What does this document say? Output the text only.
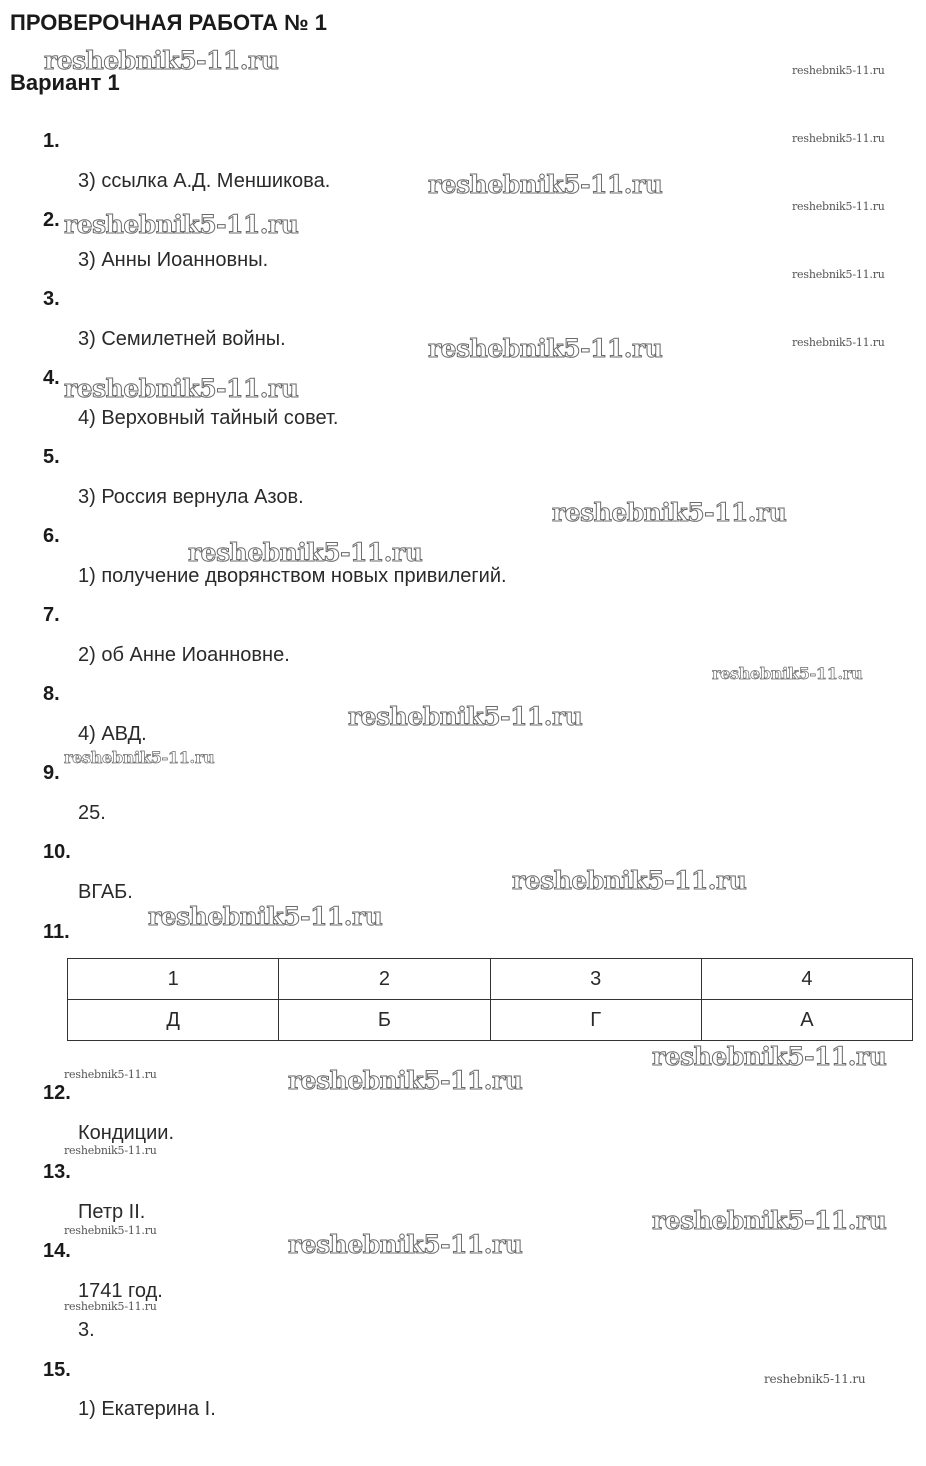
ПРОВЕРОЧНАЯ РАБОТА № 1
Вариант 1
1.
2.
3.
4.
5.
6.
7.
8.
9.
10.
11.
12.
13.
14.
15.
3) ссылка А.Д. Меншикова.
3) Анны Иоанновны.
3) Семилетней войны.
4) Верховный тайный совет.
3) Россия вернула Азов.
1) получение дворянством новых привилегий.
2) об Анне Иоанновне.
4) АВД.
25.
ВГАБ.
Кондиции.
Петр II.
1741 год.
3.
1) Екатерина I.
1	2	3	4
Д	Б	Г	А
reshebnik5-11.ru
reshebnik5-11.ru
reshebnik5-11.ru
reshebnik5-11.ru
reshebnik5-11.ru
reshebnik5-11.ru
reshebnik5-11.ru
reshebnik5-11.ru
reshebnik5-11.ru
reshebnik5-11.ru
reshebnik5-11.ru
reshebnik5-11.ru
reshebnik5-11.ru
reshebnik5-11.ru
reshebnik5-11.ru
reshebnik5-11.ru
reshebnik5-11.ru
reshebnik5-11.ru
reshebnik5-11.ru
reshebnik5-11.ru
reshebnik5-11.ru
reshebnik5-11.ru
reshebnik5-11.ru
reshebnik5-11.ru
reshebnik5-11.ru
reshebnik5-11.ru
